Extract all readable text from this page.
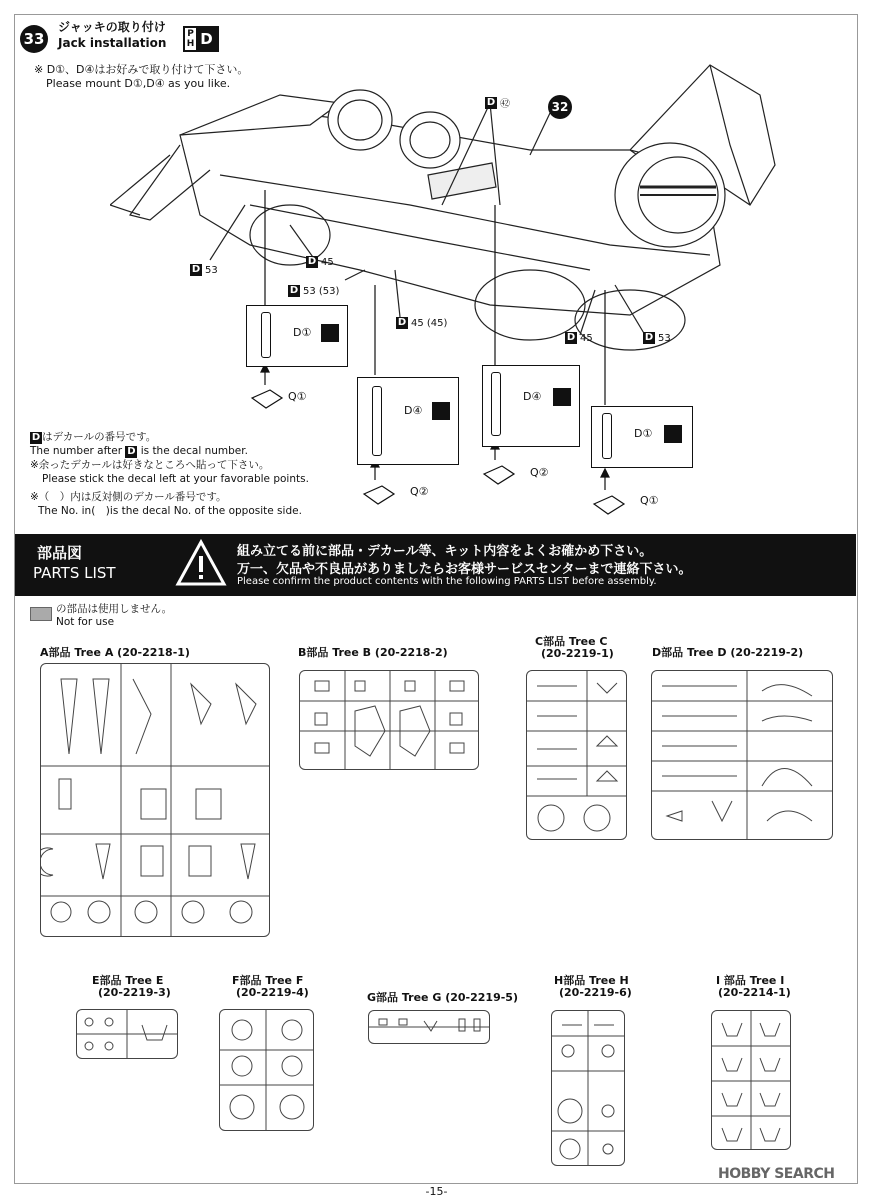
33
ジャッキの取り付け
Jack installation
P
H D
※ D①、D④はお好みで取り付けて下さい。
Please mount D①,D④ as you like.
32
D ㊷
D 53
D 45
D 53 (53)
D 45 (45)
D 45	D 53
D①
D④
D④
D①
Q①
Q②
Q②
Q①
D はデカールの番号です。
The number after D is the decal number.
※余ったデカールは好きなところへ貼って下さい。
Please stick the decal left at your favorable points.
※（　）内は反対側のデカール番号です。
The No. in(　)is the decal No. of the opposite side.
部品図
PARTS LIST
組み立てる前に部品・デカール等、キット内容をよくお確かめ下さい。
万一、欠品や不良品がありましたらお客様サービスセンターまで連絡下さい。
Please confirm the product contents with the following PARTS LIST before assembly.
の部品は使用しません。
Not for use
A部品 Tree A (20-2218-1)	B部品 Tree B (20-2218-2)
C部品 Tree C
(20-2219-1)	D部品 Tree D (20-2219-2)
E部品 Tree E
(20-2219-3)
F部品 Tree F
(20-2219-4)	G部品 Tree G (20-2219-5)
H部品 Tree H
(20-2219-6)
I 部品 Tree I
(20-2214-1)
HOBBY SEARCH
-15-
